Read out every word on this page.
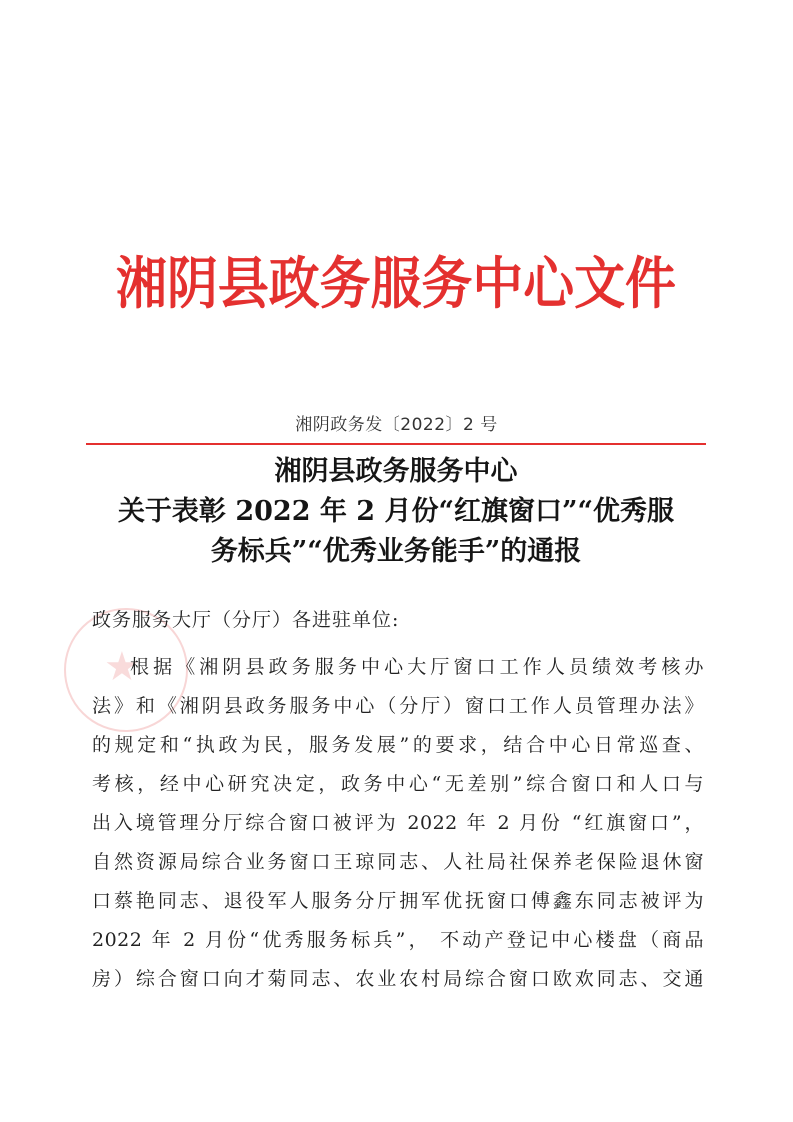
湘阴县政务服务中心文件
湘阴政务发〔2022〕2 号
湘阴县政务服务中心
关于表彰 2022 年 2 月份“红旗窗口”“优秀服
务标兵”“优秀业务能手”的通报
★
政务服务大厅（分厅）各进驻单位:
根据《湘阴县政务服务中心大厅窗口工作人员绩效考核办
法》和《湘阴县政务服务中心（分厅）窗口工作人员管理办法》
的规定和“执政为民，服务发展”的要求，结合中心日常巡查、
考核，经中心研究决定，政务中心“无差别”综合窗口和人口与
出入境管理分厅综合窗口被评为 2022 年 2 月份 “红旗窗口”，
自然资源局综合业务窗口王琼同志、人社局社保养老保险退休窗
口蔡艳同志、退役军人服务分厅拥军优抚窗口傅鑫东同志被评为
2022 年 2 月份“优秀服务标兵”， 不动产登记中心楼盘（商品
房）综合窗口向才菊同志、农业农村局综合窗口欧欢同志、交通
